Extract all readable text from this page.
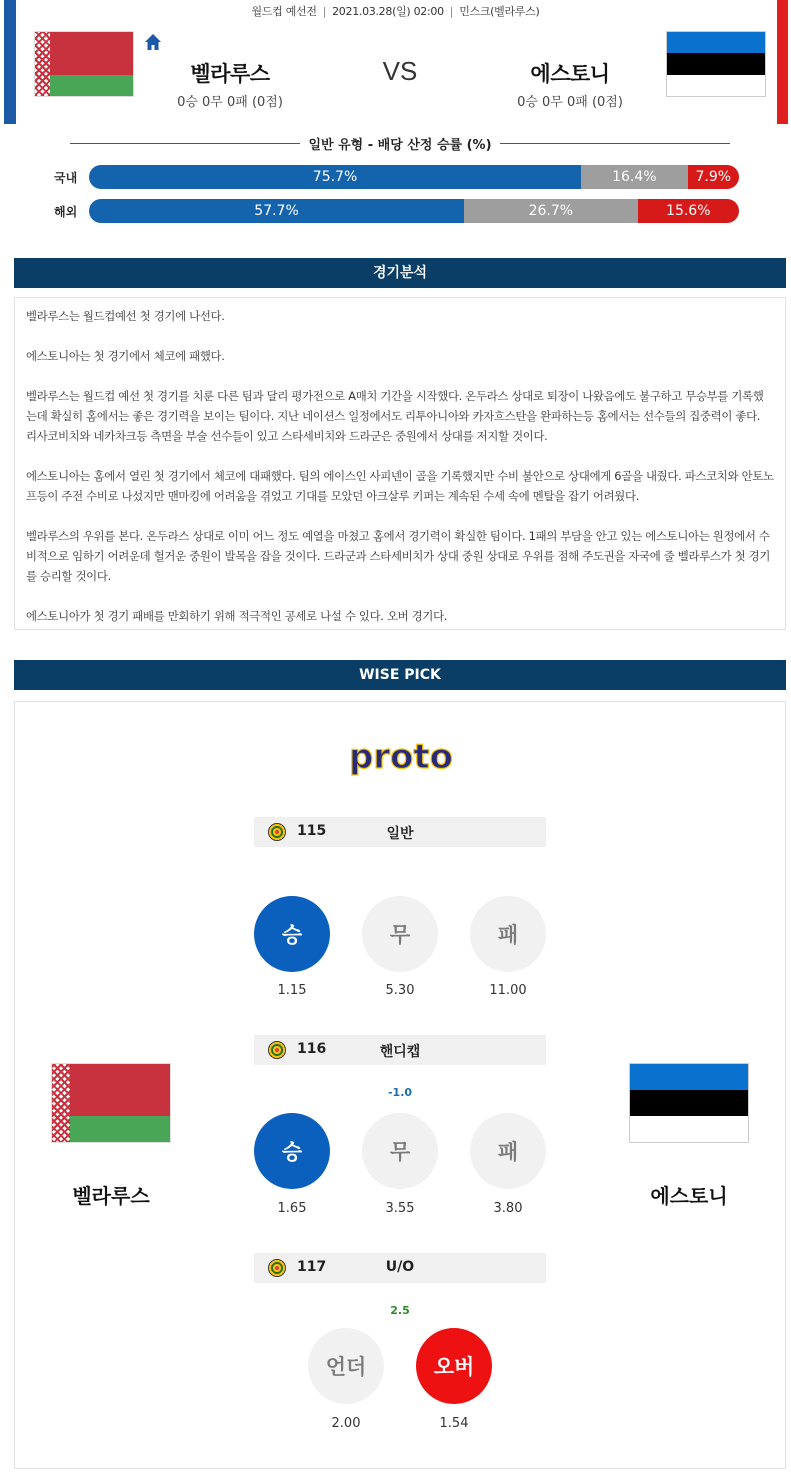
월드컵 예선전 | 2021.03.28(일) 02:00 | 민스크(벨라루스)
벨라루스
0승 0무 0패 (0점)
VS	에스토니
0승 0무 0패 (0점)
일반 유형 - 배당 산정 승률 (%)
국내	75.7%	16.4%	7.9%
해외	57.7%	26.7%	15.6%
경기분석

벨라루스는 월드컵예선 첫 경기에 나선다.

에스토니아는 첫 경기에서 체코에 패했다.

벨라루스는 월드컵 예선 첫 경기를 치룬 다른 팀과 달리 평가전으로 A매치 기간을 시작했다. 온두라스 상대로 퇴장이 나왔음에도 불구하고 무승부를 기록했는데 확실히 홈에서는 좋은 경기력을 보이는 팀이다. 지난 네이션스 일정에서도 리투아니아와 카자흐스탄을 완파하는등 홈에서는 선수들의 집중력이 좋다. 리사코비치와 네카차크등 측면을 부술 선수들이 있고 스타세비치와 드라군은 중원에서 상대를 저지할 것이다.

에스토니아는 홈에서 열린 첫 경기에서 체코에 대패했다. 팀의 에이스인 사피넨이 골을 기록했지만 수비 불안으로 상대에게 6골을 내줬다. 파스코치와 안토노프등이 주전 수비로 나섰지만 맨마킹에 어려움을 겪었고 기대를 모았던 아크살루 키퍼는 계속된 수세 속에 멘탈을 잡기 어려웠다.

벨라루스의 우위를 본다. 온두라스 상대로 이미 어느 정도 예열을 마쳤고 홈에서 경기력이 확실한 팀이다. 1패의 부담을 안고 있는 에스토니아는 원정에서 수비적으로 임하기 어려운데 헐거운 중원이 발목을 잡을 것이다. 드라군과 스타세비치가 상대 중원 상대로 우위를 점해 주도권을 자국에 줄 벨라루스가 첫 경기를 승리할 것이다.

에스토니아가 첫 경기 패배를 만회하기 위해 적극적인 공세로 나설 수 있다. 오버 경기다.

WISE PICK
proto
115	일반
승	무	패
1.15	5.30	11.00
116	핸디캡
-1.0
승	무	패
1.65	3.55	3.80
벨라루스	에스토니
117	U/O
2.5
언더	오버
2.00	1.54
